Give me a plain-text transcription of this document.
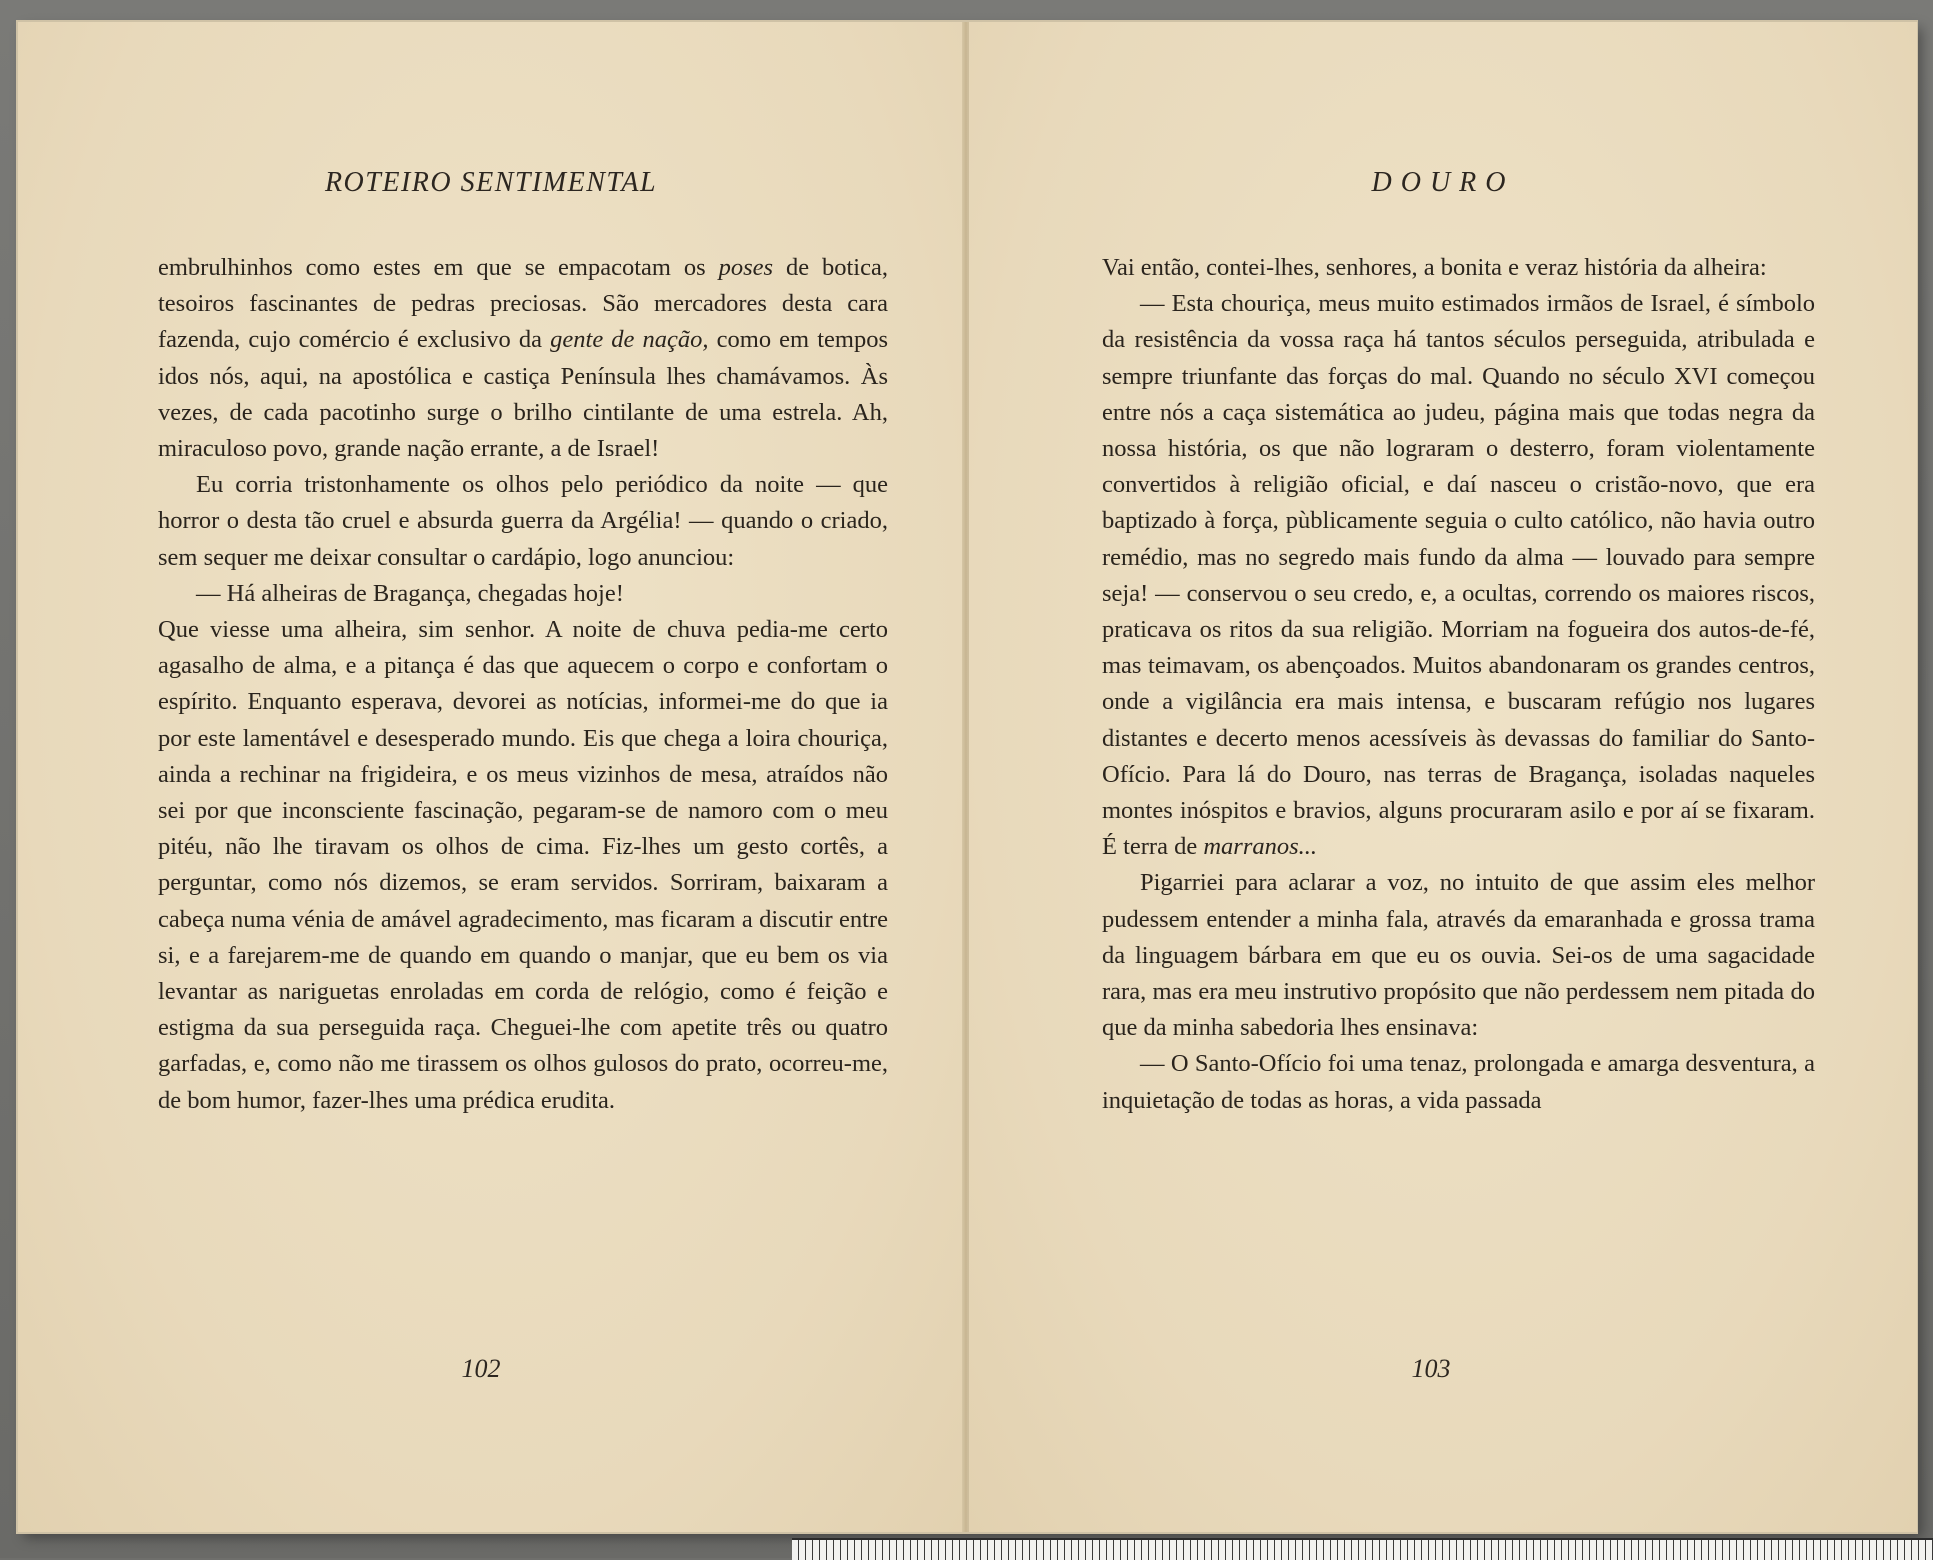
ROTEIRO SENTIMENTAL

embrulhinhos como estes em que se empacotam os poses de botica, tesoiros fascinantes de pedras preciosas. São mercadores desta cara fazenda, cujo comércio é exclusivo da gente de nação, como em tempos idos nós, aqui, na apostólica e castiça Península lhes chamávamos. Às vezes, de cada pacotinho surge o brilho cintilante de uma estrela. Ah, miraculoso povo, grande nação errante, a de Israel!

Eu corria tristonhamente os olhos pelo periódico da noite — que horror o desta tão cruel e absurda guerra da Argélia! — quando o criado, sem sequer me deixar consultar o cardápio, logo anunciou:

— Há alheiras de Bragança, chegadas hoje!

Que viesse uma alheira, sim senhor. A noite de chuva pedia-me certo agasalho de alma, e a pitança é das que aquecem o corpo e confortam o espírito. Enquanto esperava, devorei as notícias, informei-me do que ia por este lamentável e desesperado mundo. Eis que chega a loira chouriça, ainda a rechinar na frigideira, e os meus vizinhos de mesa, atraídos não sei por que inconsciente fascinação, pegaram-se de namoro com o meu pitéu, não lhe tiravam os olhos de cima. Fiz-lhes um gesto cortês, a perguntar, como nós dizemos, se eram servidos. Sorriram, baixaram a cabeça numa vénia de amável agradecimento, mas ficaram a discutir entre si, e a farejarem-me de quando em quando o manjar, que eu bem os via levantar as nariguetas enroladas em corda de relógio, como é feição e estigma da sua perseguida raça. Cheguei-lhe com apetite três ou quatro garfadas, e, como não me tirassem os olhos gulosos do prato, ocorreu-me, de bom humor, fazer-lhes uma prédica erudita.

102
DOURO

Vai então, contei-lhes, senhores, a bonita e veraz história da alheira:

— Esta chouriça, meus muito estimados irmãos de Israel, é símbolo da resistência da vossa raça há tantos séculos perseguida, atribulada e sempre triunfante das forças do mal. Quando no século XVI começou entre nós a caça sistemática ao judeu, página mais que todas negra da nossa história, os que não lograram o desterro, foram violentamente convertidos à religião oficial, e daí nasceu o cristão-novo, que era baptizado à força, pùblicamente seguia o culto católico, não havia outro remédio, mas no segredo mais fundo da alma — louvado para sempre seja! — conservou o seu credo, e, a ocultas, correndo os maiores riscos, praticava os ritos da sua religião. Morriam na fogueira dos autos-de-fé, mas teimavam, os abençoados. Muitos abandonaram os grandes centros, onde a vigilância era mais intensa, e buscaram refúgio nos lugares distantes e decerto menos acessíveis às devassas do familiar do Santo-Ofício. Para lá do Douro, nas terras de Bragança, isoladas naqueles montes inóspitos e bravios, alguns procuraram asilo e por aí se fixaram. É terra de marranos...

Pigarriei para aclarar a voz, no intuito de que assim eles melhor pudessem entender a minha fala, através da emaranhada e grossa trama da linguagem bárbara em que eu os ouvia. Sei-os de uma sagacidade rara, mas era meu instrutivo propósito que não perdessem nem pitada do que da minha sabedoria lhes ensinava:

— O Santo-Ofício foi uma tenaz, prolongada e amarga desventura, a inquietação de todas as horas, a vida passada

103
